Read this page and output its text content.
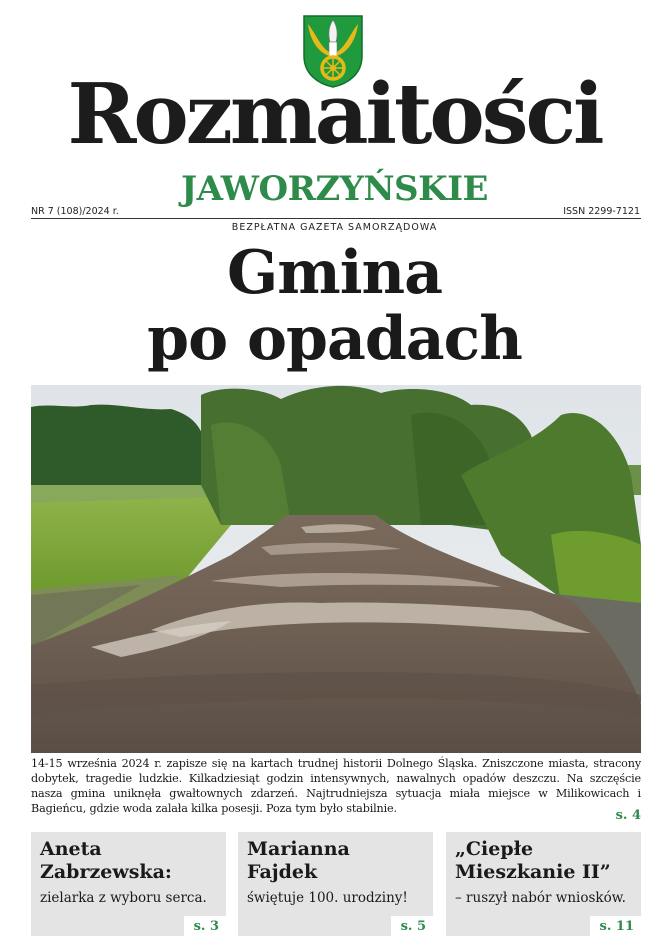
Rozmaitości
JAWORZYŃSKIE
NR 7 (108)/2024 r.	ISSN 2299-7121
BEZPŁATNA GAZETA SAMORZĄDOWA
Gmina
po opadach
14-15 września 2024 r. zapisze się na kartach trudnej historii Dolnego Śląska. Zniszczone miasta, stracony dobytek, tragedie ludzkie. Kilkadziesiąt godzin intensywnych, nawalnych opadów deszczu. Na szczęście nasza gmina uniknęła gwałtownych zdarzeń. Najtrudniejsza sytuacja miała miejsce w Milikowicach i Bagieńcu, gdzie woda zalała kilka posesji. Poza tym było stabilnie.	s. 4
Aneta
Zabrzewska:
zielarka z wyboru serca.
s. 3
Marianna
Fajdek
świętuje 100. urodziny!
s. 5
„Ciepłe
Mieszkanie II”
– ruszył nabór wniosków.
s. 11
